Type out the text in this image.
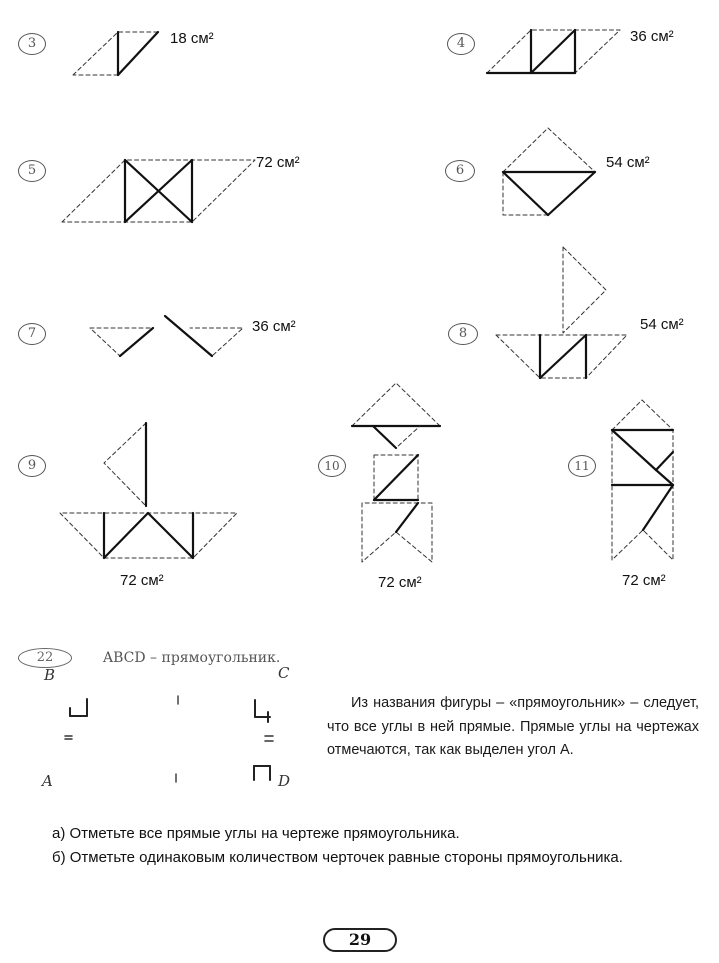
3	18 см²	4	36 см²
5	72 см²	6	54 см²
7	36 см²	8
54 см²
9
72 см²
10
72 см²
11
72 см²
22	ABCD – прямоугольник.
B	C
A	D

Из названия фигуры – «прямоугольник» – следует, что все углы в ней прямые. Прямые углы на чертежах отмечаются, так как выделен угол A.

а) Отметьте все прямые углы на чертеже прямоугольника.

б) Отметьте одинаковым количеством черточек равные стороны прямоугольника.

29
